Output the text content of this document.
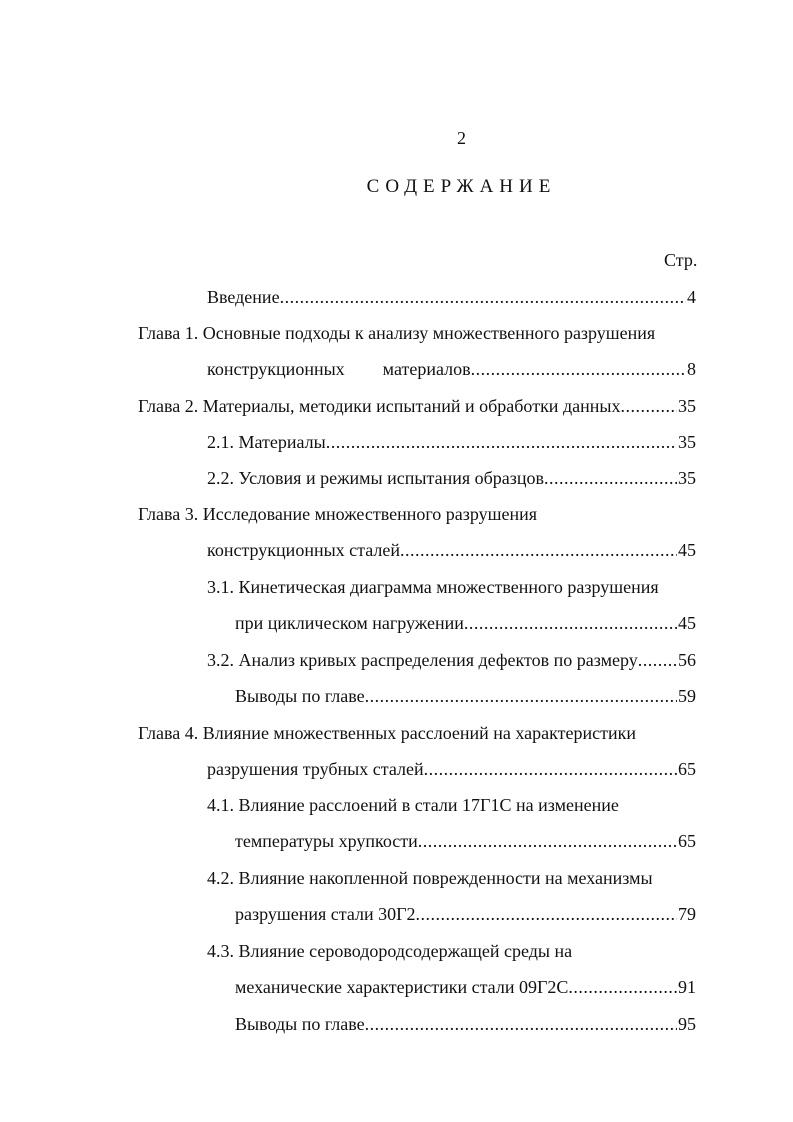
2
СОДЕРЖАНИЕ
Стр.
Введение .....	4
Глава 1. Основные подходы к анализу множественного разрушения
конструкционных материалов .....	8
Глава 2. Материалы, методики испытаний и обработки данных .....	35
2.1. Материалы .....	35
2.2. Условия и режимы испытания образцов .....	35
Глава 3. Исследование множественного разрушения
конструкционных сталей .....	45
3.1. Кинетическая диаграмма множественного разрушения
при циклическом нагружении .....	45
3.2. Анализ кривых распределения дефектов по размеру ..... 56
Выводы по главе .....	59
Глава 4. Влияние множественных расслоений на характеристики
разрушения трубных сталей .....	65
4.1. Влияние расслоений в стали 17Г1С на изменение
температуры хрупкости .....	65
4.2. Влияние накопленной поврежденности на механизмы
разрушения стали 30Г2 .....	79
4.3. Влияние сероводородсодержащей среды на
механические характеристики стали 09Г2С .....	91
Выводы по главе .....	95
